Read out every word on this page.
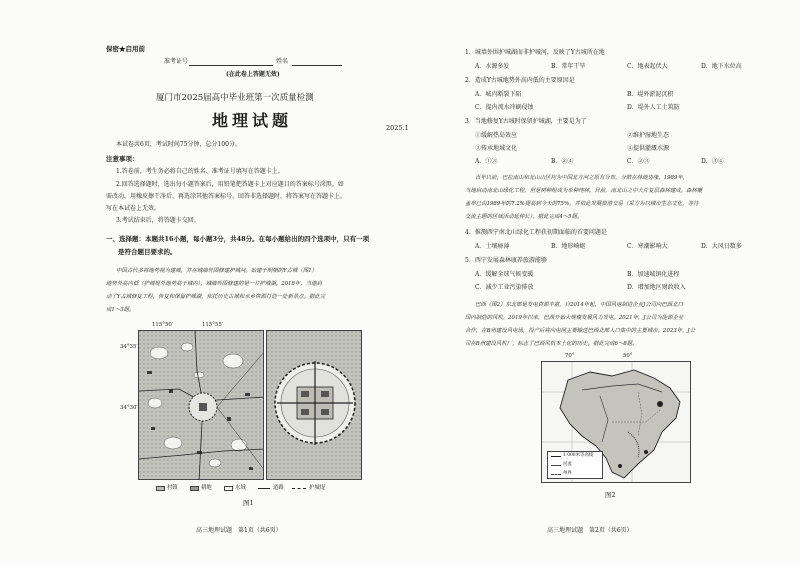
保密★启用前
准考证号	姓名
(在此卷上答题无效)
厦门市2025届高中毕业班第一次质量检测
地理试题	2025.1
本试卷共6页，考试时间75分钟，总分100分。
注意事项：
1.答卷前，考生务必将自己的姓名、准考证号填写在答题卡上。
2.回答选择题时，选出每小题答案后，用铅笔把答题卡上对应题目的答案标号涂黑。如
需改动，用橡皮擦干净后，再选涂其他答案标号。回答非选择题时，将答案写在答题卡上。
写在本试卷上无效。
3.考试结束后，将答题卡交回。
一、选择题：本题共16小题，每小题3分，共48分。在每小题给出的四个选项中，只有一项
是符合题目要求的。
中国古代多将地势视为建城，并在城墙外围修建护城河。始建于明朝的Y古城（图1）
地势外高内低（护城堤外地势高于城内），城墙外围修建的是一片护城湖。2018年，当地启
动了Y古城修复工程，恢复和保留护城湖，依托历史古城和水乡资源打造一处新景点。据此完
成1～3题。
115°50′	115°55′
34°35′
34°30′
村镇	耕地	水域	道路	护城堤
图1
高三地理试题　第1页（共6页）
1．城墙外围护城湖而非护城河，反映了Y古城所在地
A．水源多发	B．常年干旱	C．地表起伏大	D．地下水位高
2．造成Y古城地势外高内低的主要原因是
A．城内断裂下陷	B．堤外淤泥沉积
C．提内流水冲刷侵蚀	D．堤外人工土筑防
3．当地修复Y古城时保留护城湖，主要是为了
①缓解热岛效应	②维护湿地生态
③传承地域文化	④提供灌溉水源
A．①③	B．②④	C．②③	D．③④
百年以前，巴拉南山和北山山区均为中国北方河之原有分布，分散在林地边缘。1989年，
当地启动南北山绿化工程，但是树种组成为单种纯林。目前，南北山之中大片复层森林建成。森林覆
盖率已由1989年的7.2%提高到今天的75%，并依此发展旅游交易（采方为以城市生态文化，等待
交流主题的区域活动延伸长）。据此完成4～5题。
4．推测西宁南北山绿化工程获初期面临的首要问题是
A．土壤瘠薄	B．地形崎岖	C．寒潮影响大	D．大风日数多
5．西宁发展森林康养旅游能够
A．缓解全球气候变暖	B．加速城镇化进程
C．减少工业污染排放	D．增加地区财政收入
巴西（图2）东北部是发电资源丰富，自2014年起，中国风电制造企业J公司向巴西北口
国内制造的风机。2019年以来，巴西开始大规模发展风力发电。2021年，J公司为能源企业
合作，在B州建设风电场，投产后将向电网主要输送巴西北部人口集中的主要城市。2023年，J公
司在B州建设风机厂，标志了巴西风机本土化的历史。据此完成6～8题。
70°	50°
1 000米等高线
河流
州界
图2
高三地理试题　第2页（共6页）
